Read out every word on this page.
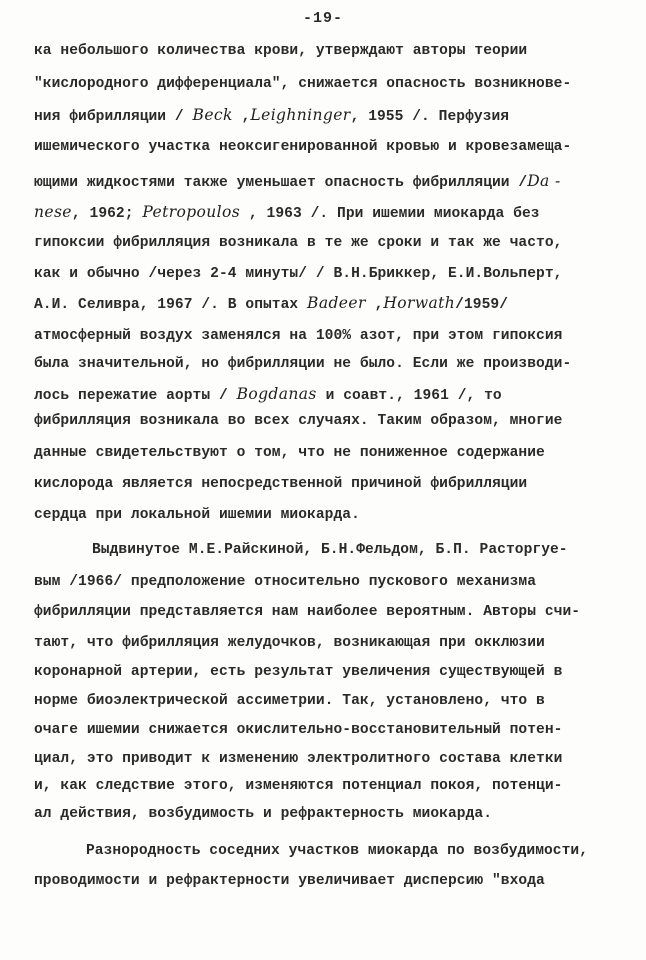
-19-
ка небольшого количества крови, утверждают авторы теории
"кислородного дифференциала", снижается опасность возникнове-
ния фибрилляции / Beck ,Leighninger, 1955 /. Перфузия
ишемического участка неоксигенированной кровью и кровезамеща-
ющими жидкостями также уменьшает опасность фибрилляции /Da -
nese, 1962; Petropoulos , 1963 /. При ишемии миокарда без
гипоксии фибрилляция возникала в те же сроки и так же часто,
как и обычно /через 2-4 минуты/ / В.Н.Бриккер, Е.И.Вольперт,
А.И. Селивра, 1967 /. В опытах Badeer ,Horwath/1959/
атмосферный воздух заменялся на 100% азот, при этом гипоксия
была значительной, но фибрилляции не было. Если же производи-
лось пережатие аорты / Bogdanas и соавт., 1961 /, то
фибрилляция возникала во всех случаях. Таким образом, многие
данные свидетельствуют о том, что не пониженное содержание
кислорода является непосредственной причиной фибрилляции
сердца при локальной ишемии миокарда.
Выдвинутое М.Е.Райскиной, Б.Н.Фельдом, Б.П. Расторгуе-
вым /1966/ предположение относительно пускового механизма
фибрилляции представляется нам наиболее вероятным. Авторы счи-
тают, что фибрилляция желудочков, возникающая при окклюзии
коронарной артерии, есть результат увеличения существующей в
норме биоэлектрической ассиметрии. Так, установлено, что в
очаге ишемии снижается окислительно-восстановительный потен-
циал, это приводит к изменению электролитного состава клетки
и, как следствие этого, изменяются потенциал покоя, потенци-
ал действия, возбудимость и рефрактерность миокарда.
Разнородность соседних участков миокарда по возбудимости,
проводимости и рефрактерности увеличивает дисперсию "входа
